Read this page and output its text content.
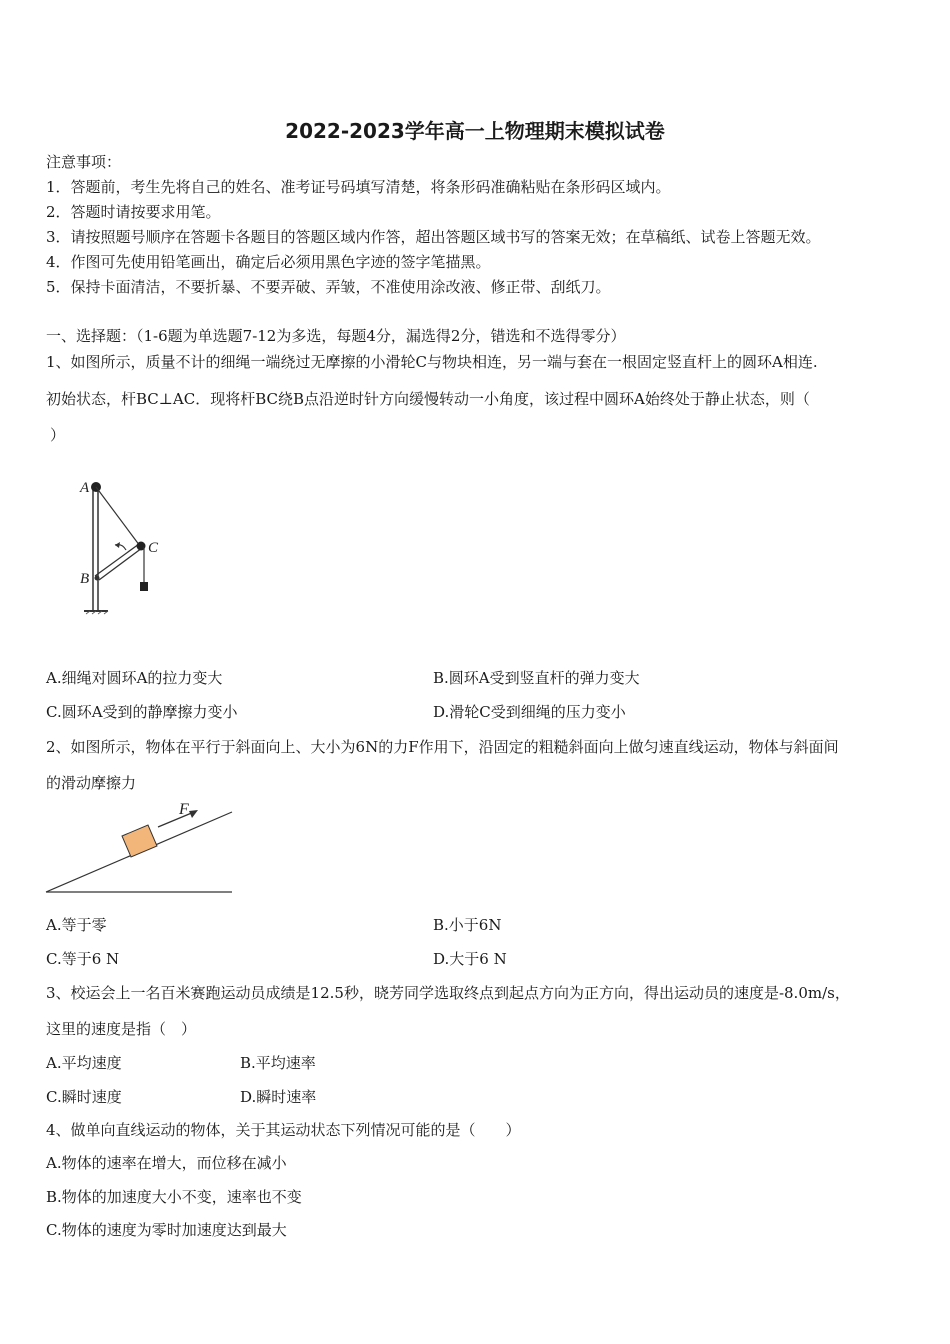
2022-2023学年高一上物理期末模拟试卷
注意事项：
1．答题前，考生先将自己的姓名、准考证号码填写清楚，将条形码准确粘贴在条形码区域内。
2．答题时请按要求用笔。
3．请按照题号顺序在答题卡各题目的答题区域内作答，超出答题区域书写的答案无效；在草稿纸、试卷上答题无效。
4．作图可先使用铅笔画出，确定后必须用黑色字迹的签字笔描黑。
5．保持卡面清洁，不要折暴、不要弄破、弄皱，不准使用涂改液、修正带、刮纸刀。
一、选择题：（1-6题为单选题7-12为多选，每题4分，漏选得2分，错选和不选得零分）
1、如图所示，质量不计的细绳一端绕过无摩擦的小滑轮C与物块相连，另一端与套在一根固定竖直杆上的圆环A相连.
初始状态，杆BC⊥AC．现将杆BC绕B点沿逆时针方向缓慢转动一小角度，该过程中圆环A始终处于静止状态，则（
）
A
B
C
A.细绳对圆环A的拉力变大	B.圆环A受到竖直杆的弹力变大
C.圆环A受到的静摩擦力变小	D.滑轮C受到细绳的压力变小
2、如图所示，物体在平行于斜面向上、大小为6N的力F作用下，沿固定的粗糙斜面向上做匀速直线运动，物体与斜面间
的滑动摩擦力
F
A.等于零	B.小于6N
C.等于6 N	D.大于6 N
3、校运会上一名百米赛跑运动员成绩是12.5秒，晓芳同学选取终点到起点方向为正方向，得出运动员的速度是-8.0m/s，
这里的速度是指（　）
A.平均速度	B.平均速率
C.瞬时速度	D.瞬时速率
4、做单向直线运动的物体，关于其运动状态下列情况可能的是（　　）
A.物体的速率在增大，而位移在减小
B.物体的加速度大小不变，速率也不变
C.物体的速度为零时加速度达到最大
